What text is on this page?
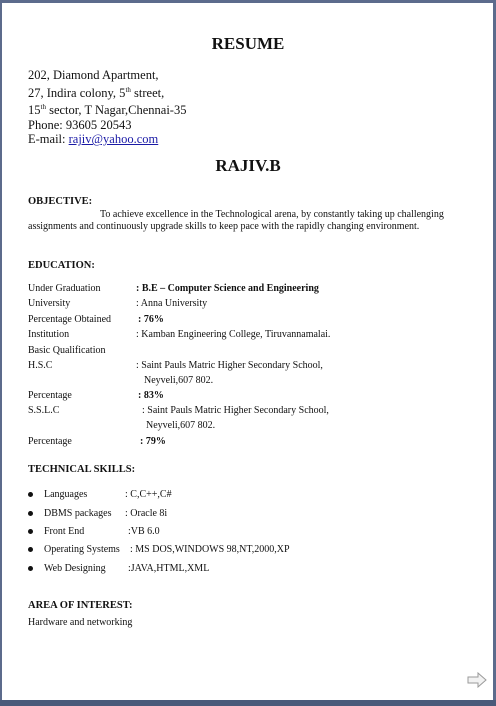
RESUME
202, Diamond Apartment,
27, Indira colony, 5th street,
15th sector, T Nagar,Chennai-35
Phone: 93605 20543
E-mail: rajiv@yahoo.com
RAJIV.B
OBJECTIVE:
To achieve excellence in the Technological arena, by constantly taking up challenging assignments and continuously upgrade skills to keep pace with the rapidly changing environment.
EDUCATION:
Under Graduation	: B.E – Computer Science and Engineering
University	: Anna University
Percentage Obtained	: 76%
Institution	: Kamban Engineering College, Tiruvannamalai.
Basic Qualification
H.S.C	: Saint Pauls Matric Higher Secondary School,
Neyveli,607 802.
Percentage	: 83%
S.S.L.C	: Saint Pauls Matric Higher Secondary School,
Neyveli,607 802.
Percentage	: 79%
TECHNICAL SKILLS:
Languages	: C,C++,C#
DBMS packages : Oracle 8i
Front End	:VB 6.0
Operating Systems : MS DOS,WINDOWS 98,NT,2000,XP
Web Designing :JAVA,HTML,XML
AREA OF INTEREST:
Hardware and networking
